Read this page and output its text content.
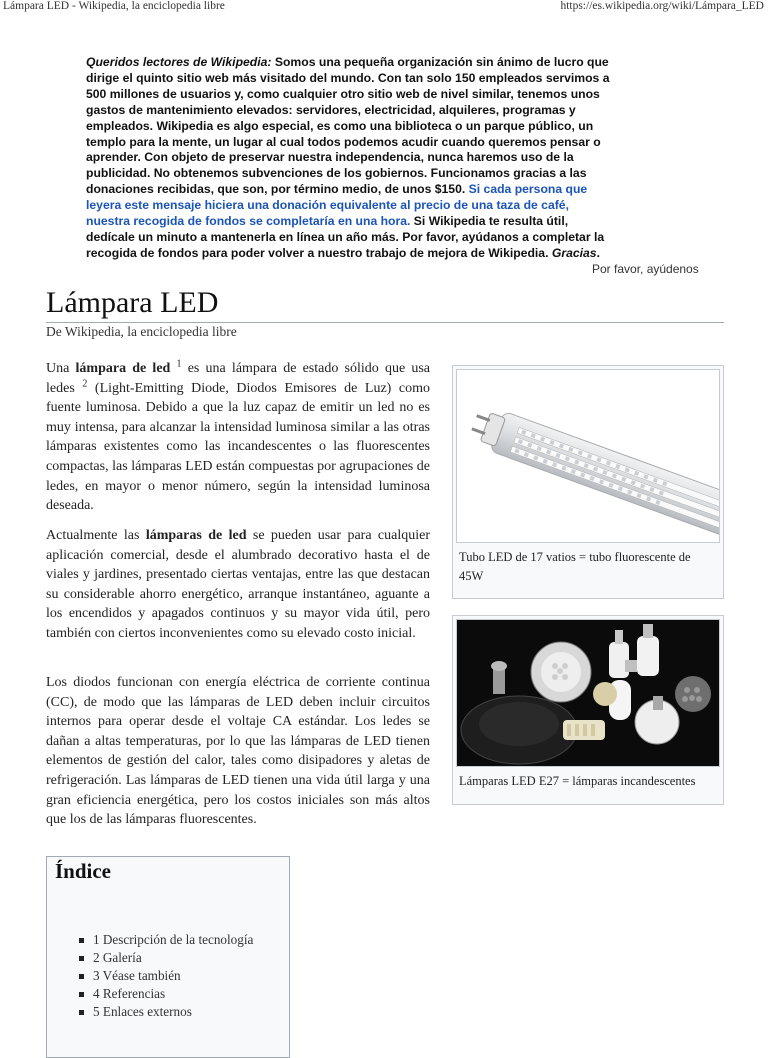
Lámpara LED - Wikipedia, la enciclopedia libre	https://es.wikipedia.org/wiki/Lámpara_LED
Queridos lectores de Wikipedia: Somos una pequeña organización sin ánimo de lucro que dirige el quinto sitio web más visitado del mundo. Con tan solo 150 empleados servimos a 500 millones de usuarios y, como cualquier otro sitio web de nivel similar, tenemos unos gastos de mantenimiento elevados: servidores, electricidad, alquileres, programas y empleados. Wikipedia es algo especial, es como una biblioteca o un parque público, un templo para la mente, un lugar al cual todos podemos acudir cuando queremos pensar o aprender. Con objeto de preservar nuestra independencia, nunca haremos uso de la publicidad. No obtenemos subvenciones de los gobiernos. Funcionamos gracias a las donaciones recibidas, que son, por término medio, de unos $150. Si cada persona que leyera este mensaje hiciera una donación equivalente al precio de una taza de café, nuestra recogida de fondos se completaría en una hora. Si Wikipedia te resulta útil, dedícale un minuto a mantenerla en línea un año más. Por favor, ayúdanos a completar la recogida de fondos para poder volver a nuestro trabajo de mejora de Wikipedia. Gracias.
Por favor, ayúdenos
Lámpara LED
De Wikipedia, la enciclopedia libre

Una lámpara de led $^1$ es una lámpara de estado sólido que usa ledes $^2$ (Light-Emitting Diode, Diodos Emisores de Luz) como fuente luminosa. Debido a que la luz capaz de emitir un led no es muy intensa, para alcanzar la intensidad luminosa similar a las otras lámparas existentes como las incandescentes o las fluorescentes compactas, las lámparas LED están compuestas por agrupaciones de ledes, en mayor o menor número, según la intensidad luminosa deseada.

Actualmente las lámparas de led se pueden usar para cualquier aplicación comercial, desde el alumbrado decorativo hasta el de viales y jardines, presentado ciertas ventajas, entre las que destacan su considerable ahorro energético, arranque instantáneo, aguante a los encendidos y apagados continuos y su mayor vida útil, pero también con ciertos inconvenientes como su elevado costo inicial.

Los diodos funcionan con energía eléctrica de corriente continua (CC), de modo que las lámparas de LED deben incluir circuitos internos para operar desde el voltaje CA estándar. Los ledes se dañan a altas temperaturas, por lo que las lámparas de LED tienen elementos de gestión del calor, tales como disipadores y aletas de refrigeración. Las lámparas de LED tienen una vida útil larga y una gran eficiencia energética, pero los costos iniciales son más altos que los de las lámparas fluorescentes.

Tubo LED de 17 vatios = tubo fluorescente de 45W
Lámparas LED E27 = lámparas incandescentes
Índice
1 Descripción de la tecnología
2 Galería
3 Véase también
4 Referencias
5 Enlaces externos
